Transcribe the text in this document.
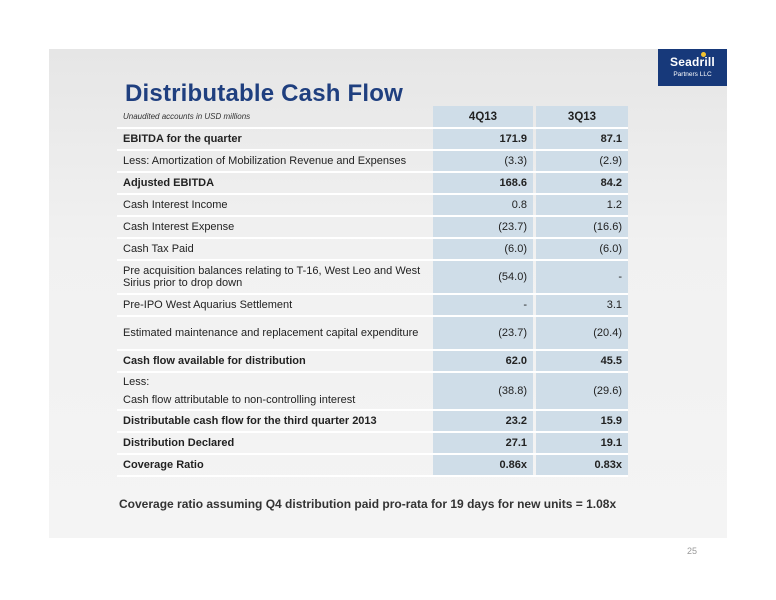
Distributable Cash Flow
Seadrill
Partners LLC
Unaudited accounts in USD millions	4Q13		3Q13
EBITDA for the quarter	171.9		87.1
Less: Amortization of Mobilization Revenue and Expenses	(3.3)		(2.9)
Adjusted EBITDA	168.6		84.2
Cash Interest Income	0.8		1.2
Cash Interest Expense	(23.7)		(16.6)
Cash Tax Paid	(6.0)		(6.0)
Pre acquisition balances relating to T-16, West Leo and West Sirius prior to drop down	(54.0)		-
Pre-IPO West Aquarius Settlement	-		3.1
Estimated maintenance and replacement capital expenditure	(23.7)		(20.4)
Cash flow available for distribution	62.0		45.5

Less:
Cash flow attributable to non-controlling interest	(38.8)		(29.6)
Distributable cash flow for the third quarter 2013	23.2		15.9
Distribution Declared	27.1		19.1
Coverage Ratio	0.86x		0.83x
Coverage ratio assuming Q4 distribution paid pro-rata for 19 days for new units = 1.08x
25
